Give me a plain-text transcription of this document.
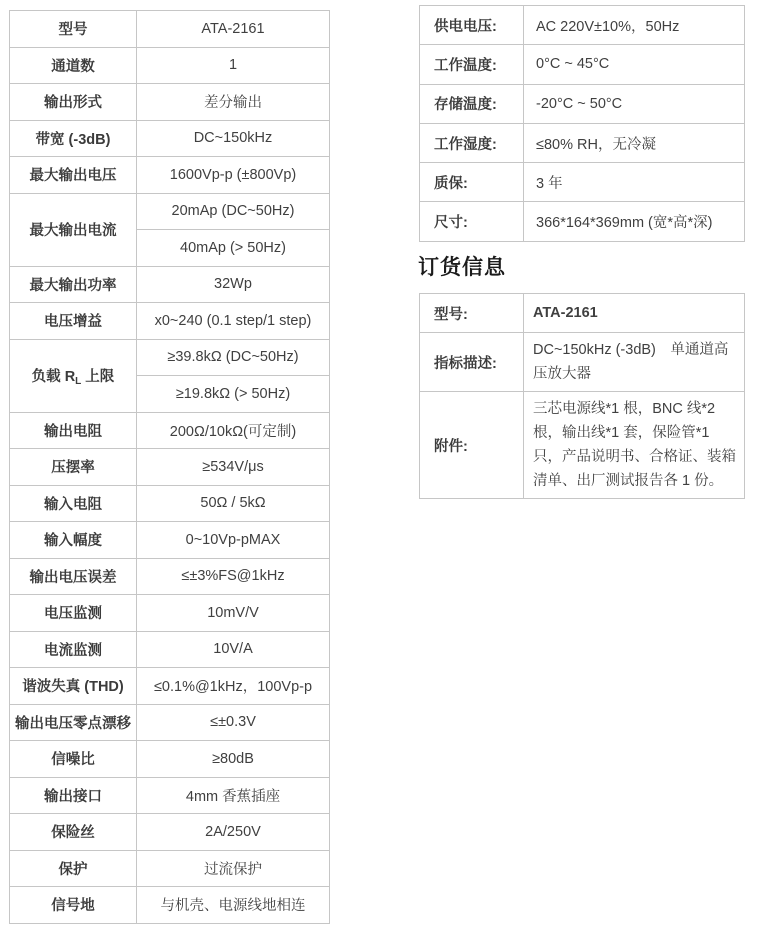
型号	ATA-2161
通道数	1
输出形式	差分输出
带宽 (-3dB)	DC~150kHz
最大输出电压	1600Vp-p (±800Vp)
最大输出电流	20mAp (DC~50Hz)
	40mAp (> 50Hz)
最大输出功率	32Wp
电压增益	x0~240 (0.1 step/1 step)
负载 $R_L$ 上限	≥39.8kΩ (DC~50Hz)
	≥19.8kΩ (> 50Hz)
输出电阻	200Ω/10kΩ(可定制)
压摆率	≥534V/μs
输入电阻	50Ω / 5kΩ
输入幅度	0~10Vp-pMAX
输出电压误差	≤±3%FS@1kHz
电压监测	10mV/V
电流监测	10V/A
谐波失真 (THD)	≤0.1%@1kHz，100Vp-p
输出电压零点漂移	≤±0.3V
信噪比	≥80dB
输出接口	4mm 香蕉插座
保险丝	2A/250V
保护	过流保护
信号地	与机壳、电源线地相连
供电电压:	AC 220V±10%，50Hz
工作温度:	0°C ~ 45°C
存储温度:	-20°C ~ 50°C
工作湿度:	≤80% RH，无冷凝
质保:	3 年
尺寸:	366*164*369mm (宽*高*深)
订货信息
型号:	ATA-2161
指标描述:	DC~150kHz (-3dB)　单通道高压放大器
附件:	三芯电源线*1 根，BNC 线*2 根，输出线*1 套，保险管*1 只，产品说明书、合格证、装箱清单、出厂测试报告各 1 份。
